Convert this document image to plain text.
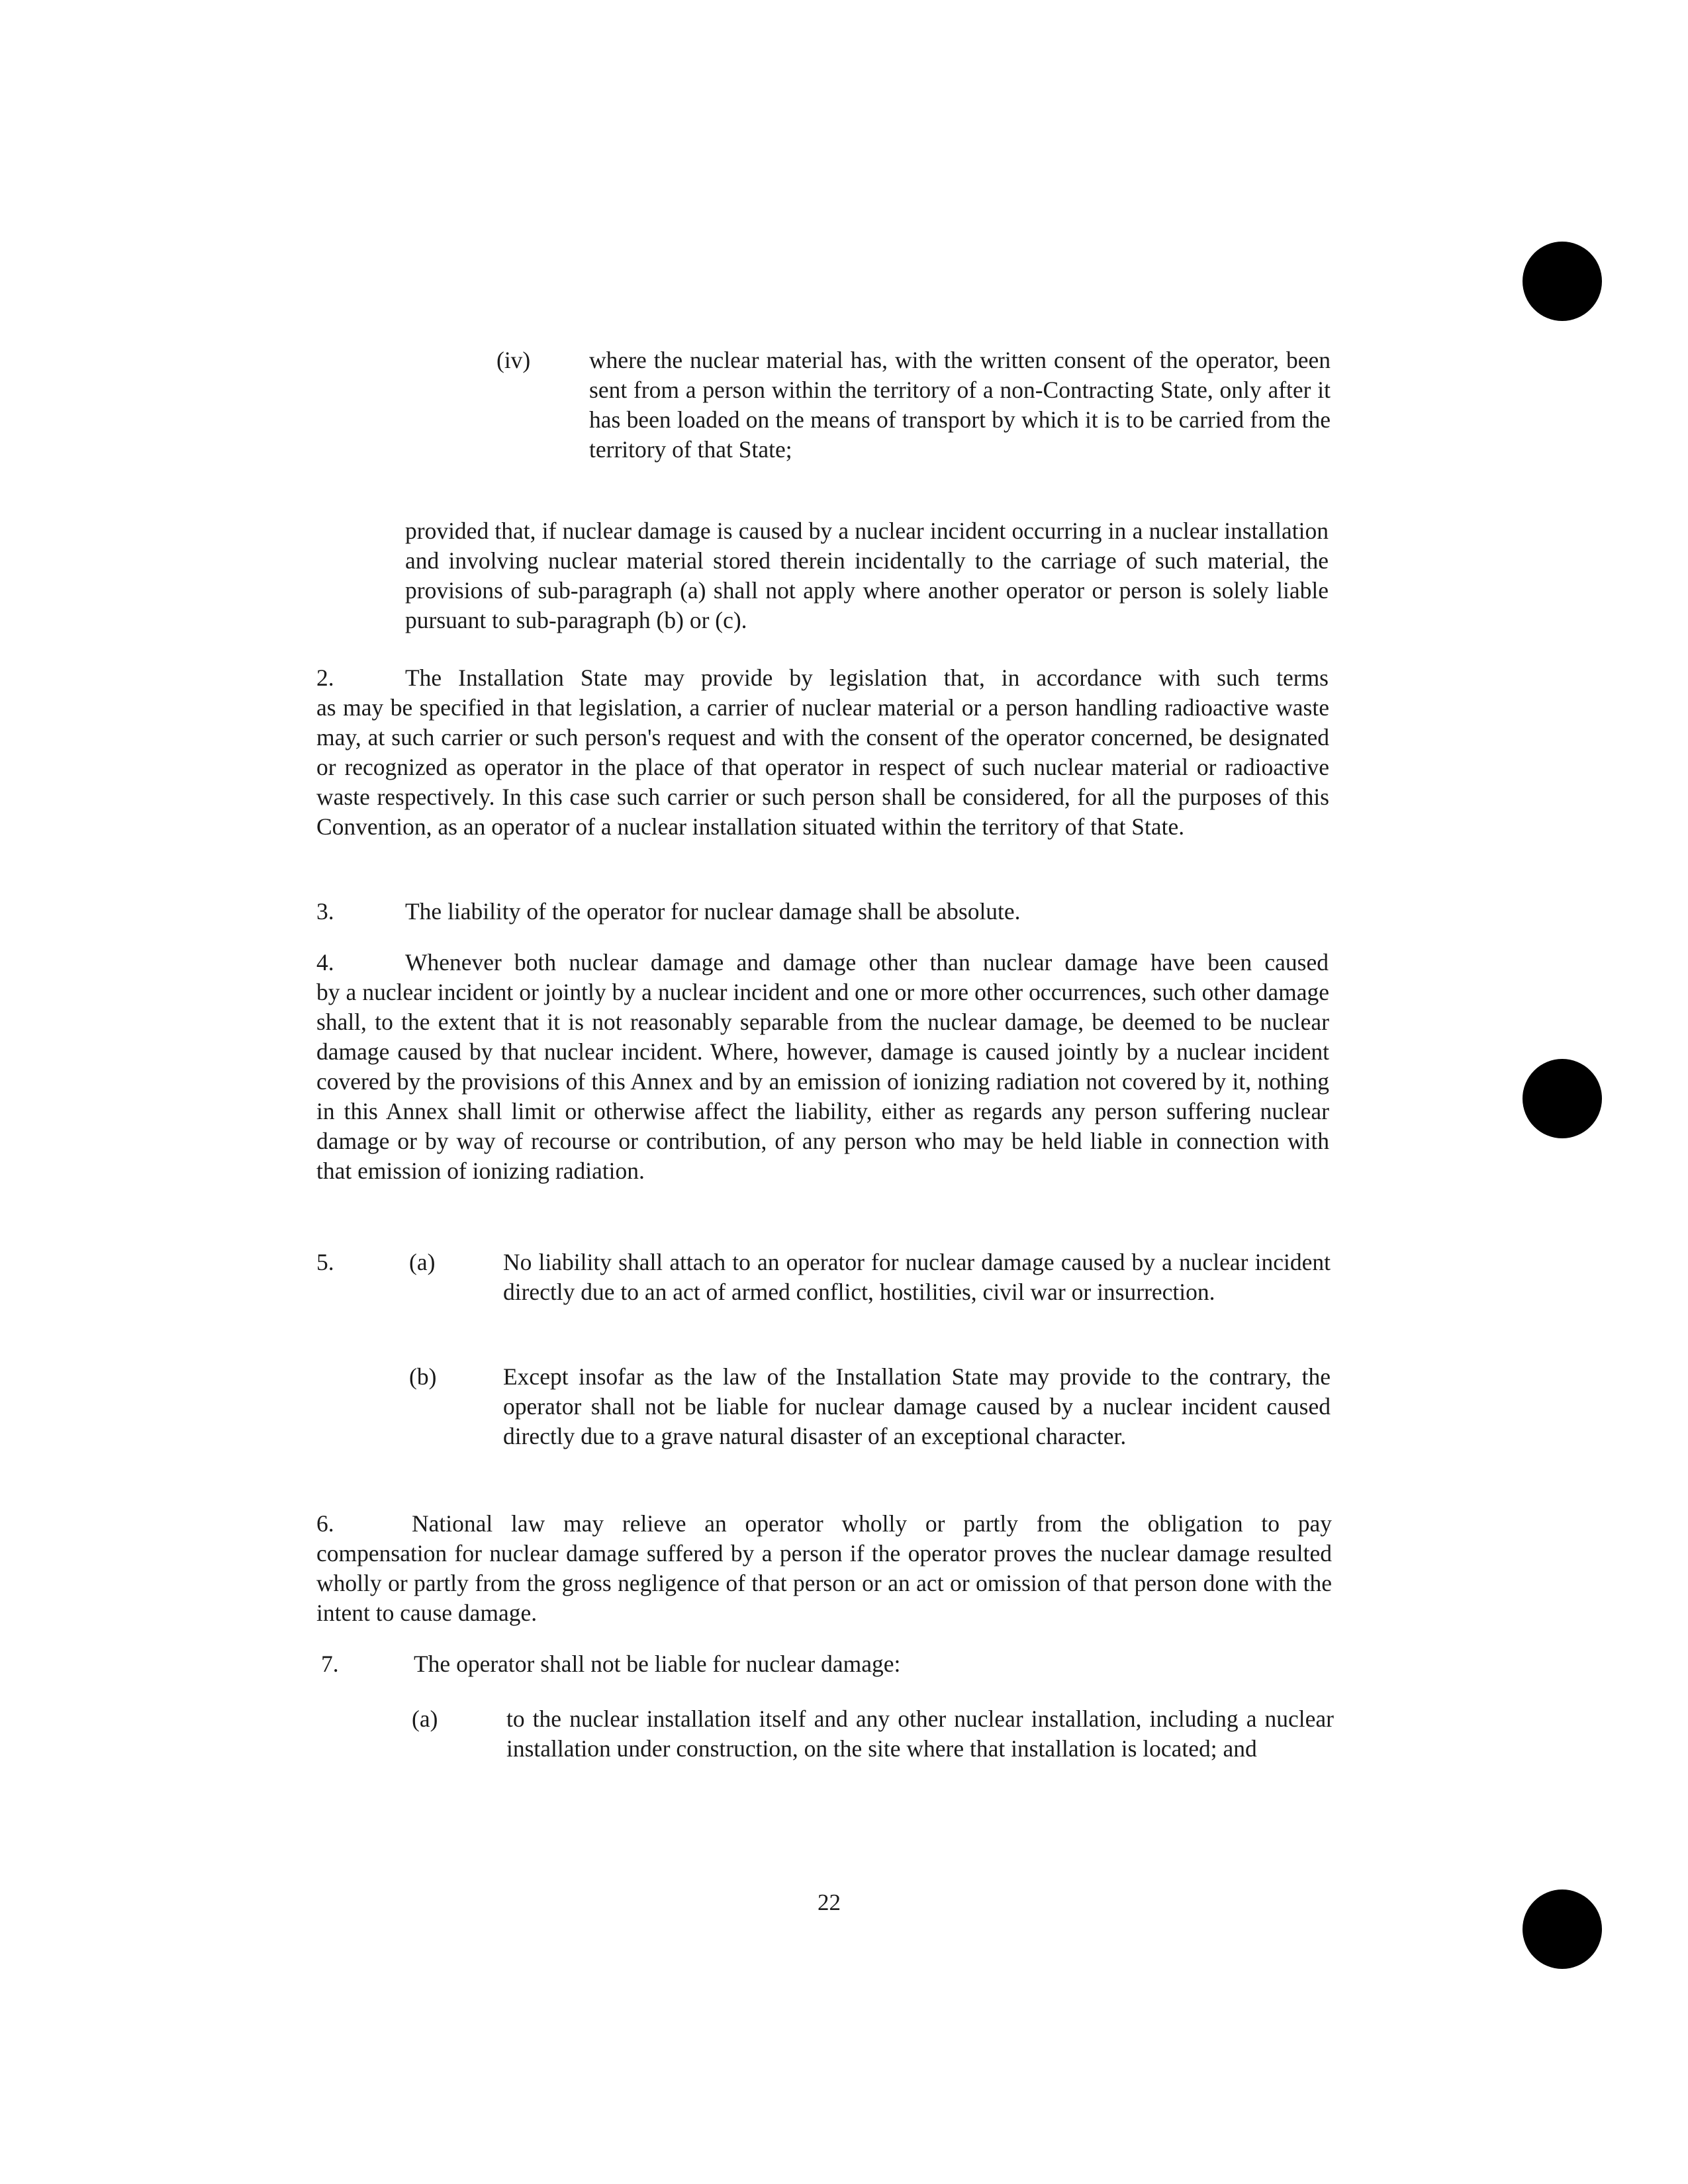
(iv) where the nuclear material has, with the written consent of the operator, been sent from a person within the territory of a non-Contracting State, only after it has been loaded on the means of transport by which it is to be carried from the territory of that State;
provided that, if nuclear damage is caused by a nuclear incident occurring in a nuclear installation and involving nuclear material stored therein incidentally to the carriage of such material, the provisions of sub-paragraph (a) shall not apply where another operator or person is solely liable pursuant to sub-paragraph (b) or (c).
2.	The Installation State may provide by legislation that, in accordance with such terms
as may be specified in that legislation, a carrier of nuclear material or a person handling radioactive waste may, at such carrier or such person's request and with the consent of the operator concerned, be designated or recognized as operator in the place of that operator in respect of such nuclear material or radioactive waste respectively. In this case such carrier or such person shall be considered, for all the purposes of this Convention, as an operator of a nuclear installation situated within the territory of that State.
3.	The liability of the operator for nuclear damage shall be absolute.
4.	Whenever both nuclear damage and damage other than nuclear damage have been caused
by a nuclear incident or jointly by a nuclear incident and one or more other occurrences, such other damage shall, to the extent that it is not reasonably separable from the nuclear damage, be deemed to be nuclear damage caused by that nuclear incident. Where, however, damage is caused jointly by a nuclear incident covered by the provisions of this Annex and by an emission of ionizing radiation not covered by it, nothing in this Annex shall limit or otherwise affect the liability, either as regards any person suffering nuclear damage or by way of recourse or contribution, of any person who may be held liable in connection with that emission of ionizing radiation.
5.	(a)	No liability shall attach to an operator for nuclear damage caused by a nuclear incident directly due to an act of armed conflict, hostilities, civil war or insurrection.
(b)	Except insofar as the law of the Installation State may provide to the contrary, the operator shall not be liable for nuclear damage caused by a nuclear incident caused directly due to a grave natural disaster of an exceptional character.
6.	National law may relieve an operator wholly or partly from the obligation to pay
compensation for nuclear damage suffered by a person if the operator proves the nuclear damage resulted wholly or partly from the gross negligence of that person or an act or omission of that person done with the intent to cause damage.
7.	The operator shall not be liable for nuclear damage:
(a)	to the nuclear installation itself and any other nuclear installation, including a nuclear installation under construction, on the site where that installation is located; and
22
